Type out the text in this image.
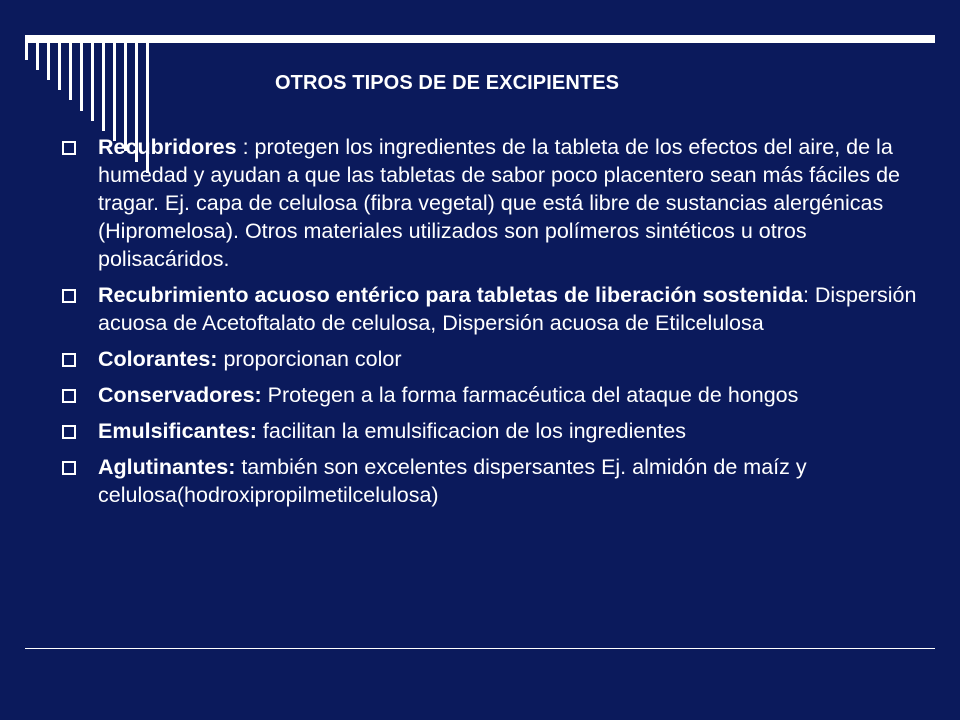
OTROS TIPOS DE DE EXCIPIENTES
Recubridores : protegen los ingredientes de la tableta de los efectos del aire, de la humedad y ayudan a que las tabletas de sabor poco placentero sean más fáciles de tragar. Ej. capa de celulosa (fibra vegetal) que está libre de sustancias alergénicas (Hipromelosa). Otros materiales utilizados son polímeros sintéticos u otros polisacáridos.
Recubrimiento acuoso entérico para tabletas de liberación sostenida: Dispersión acuosa de Acetoftalato de celulosa, Dispersión acuosa de Etilcelulosa
Colorantes: proporcionan color
Conservadores: Protegen a la forma farmacéutica del ataque de hongos
Emulsificantes: facilitan la emulsificacion de los ingredientes
Aglutinantes: también son excelentes dispersantes Ej. almidón de maíz y celulosa(hodroxipropilmetilcelulosa)
